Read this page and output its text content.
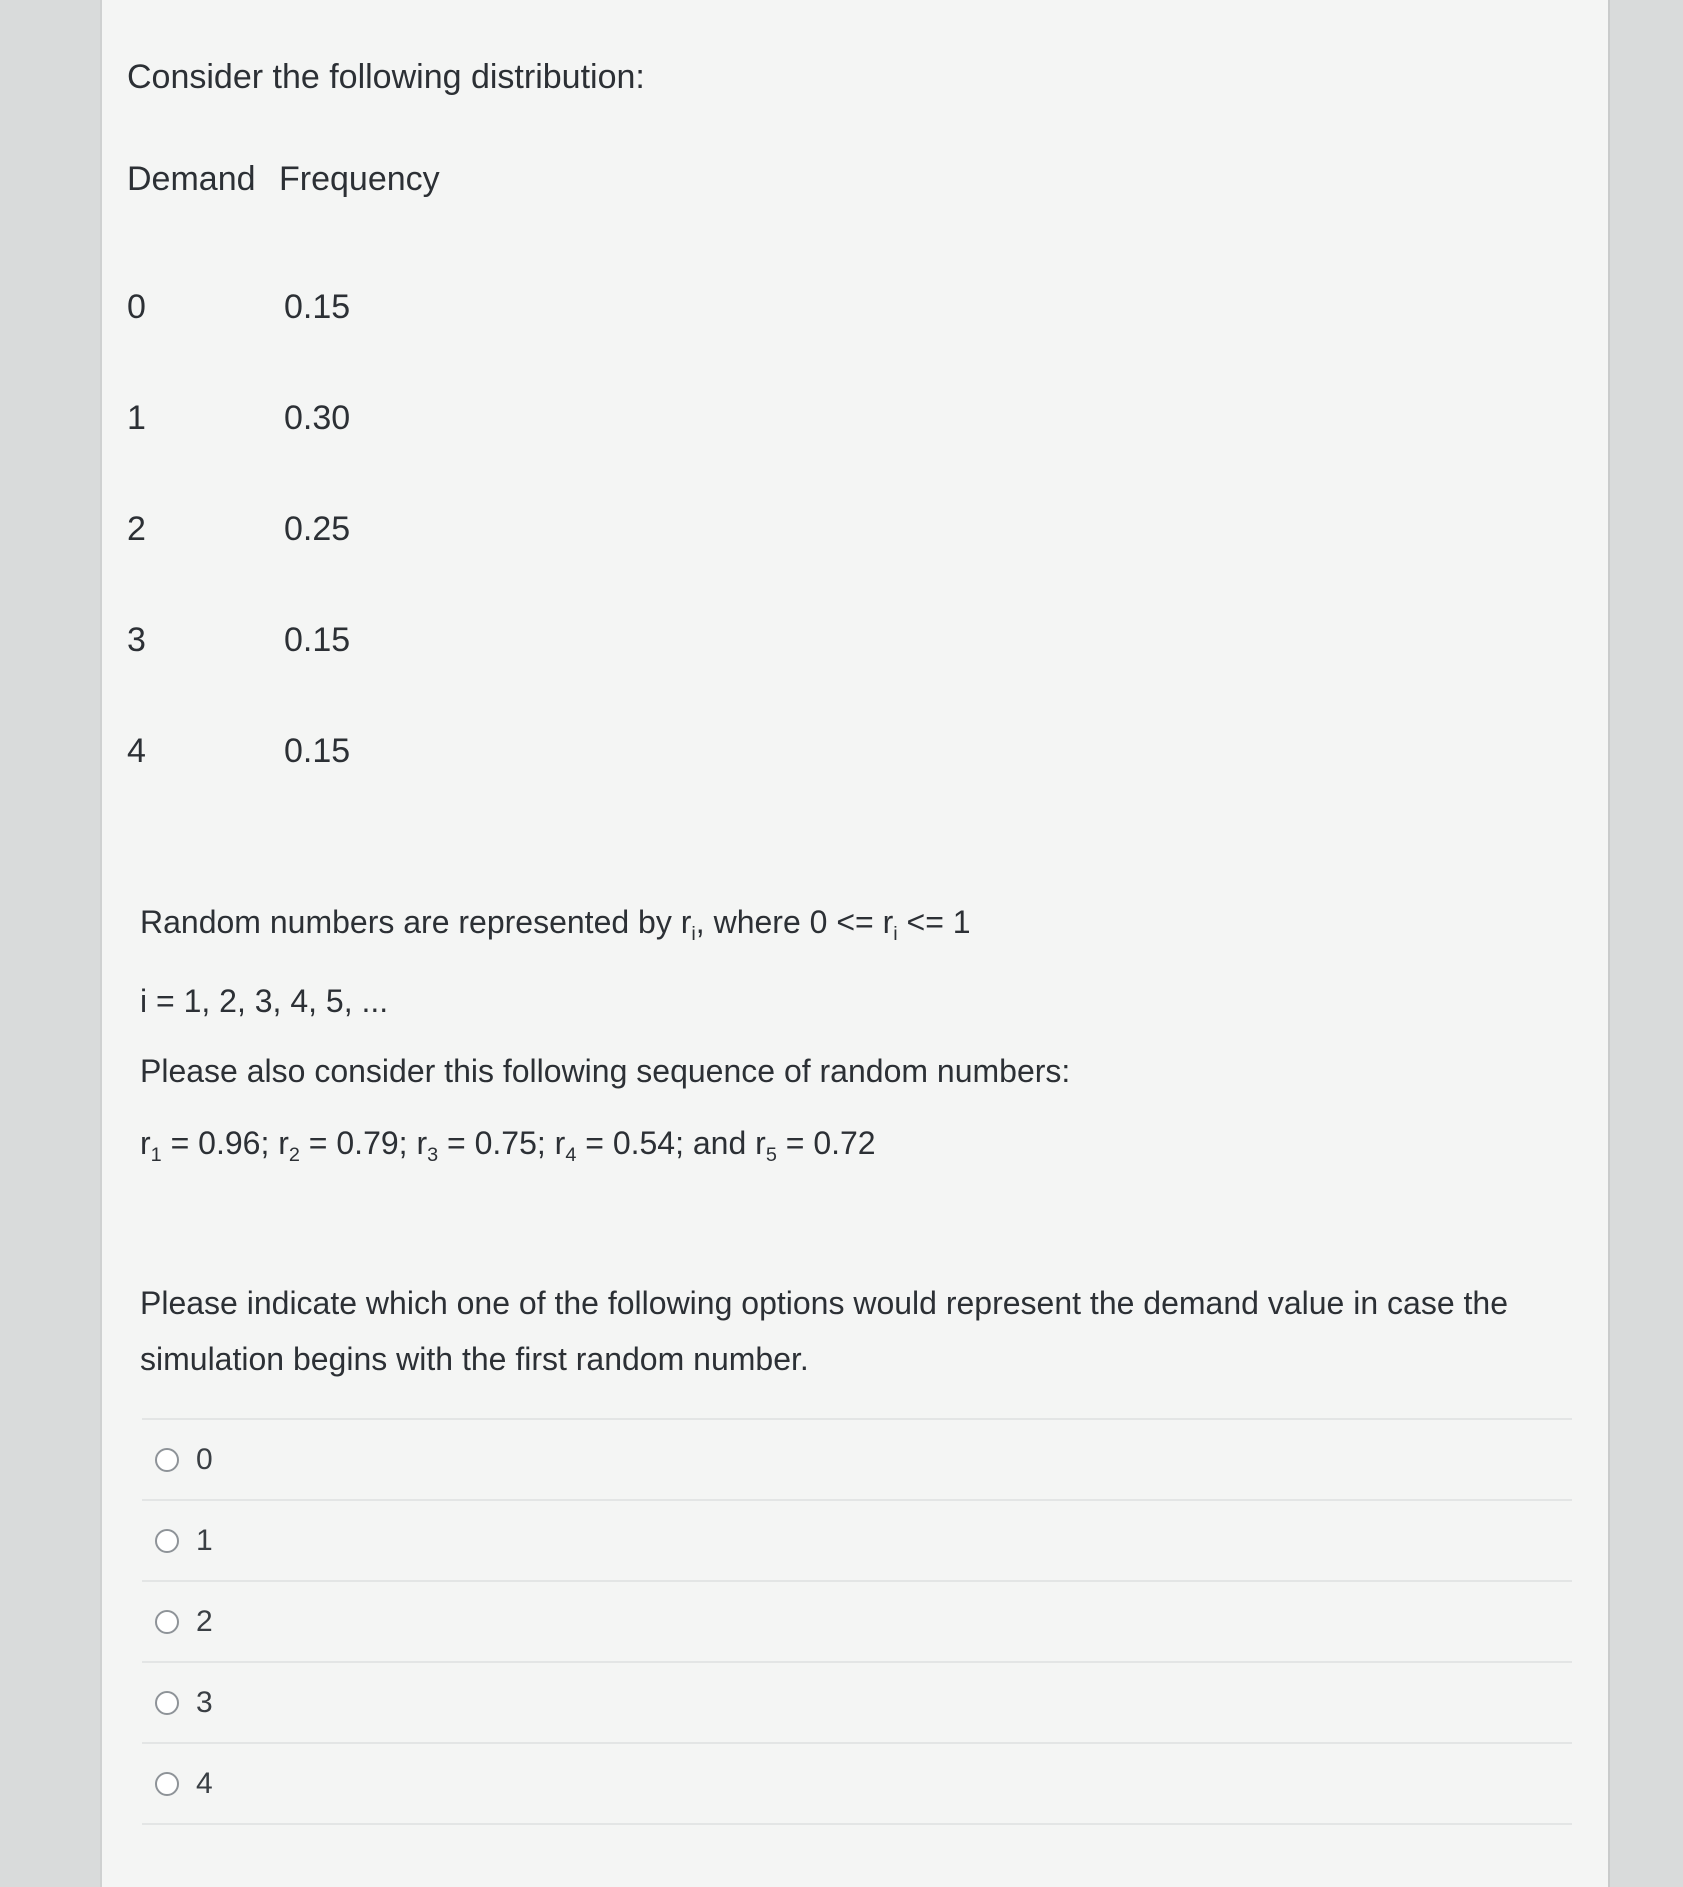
Consider the following distribution:

Demand	Frequency
0	0.15
1	0.30
2	0.25
3	0.15
4	0.15

Random numbers are represented by $r_i$, where $0 <= r_i <= 1$

i = 1, 2, 3, 4, 5, ...

Please also consider this following sequence of random numbers:

$r_1 = 0.96$; $r_2 = 0.79$; $r_3 = 0.75$; $r_4 = 0.54$; and $r_5 = 0.72$

Please indicate which one of the following options would represent the demand value in case the simulation begins with the first random number.

0
1
2
3
4
